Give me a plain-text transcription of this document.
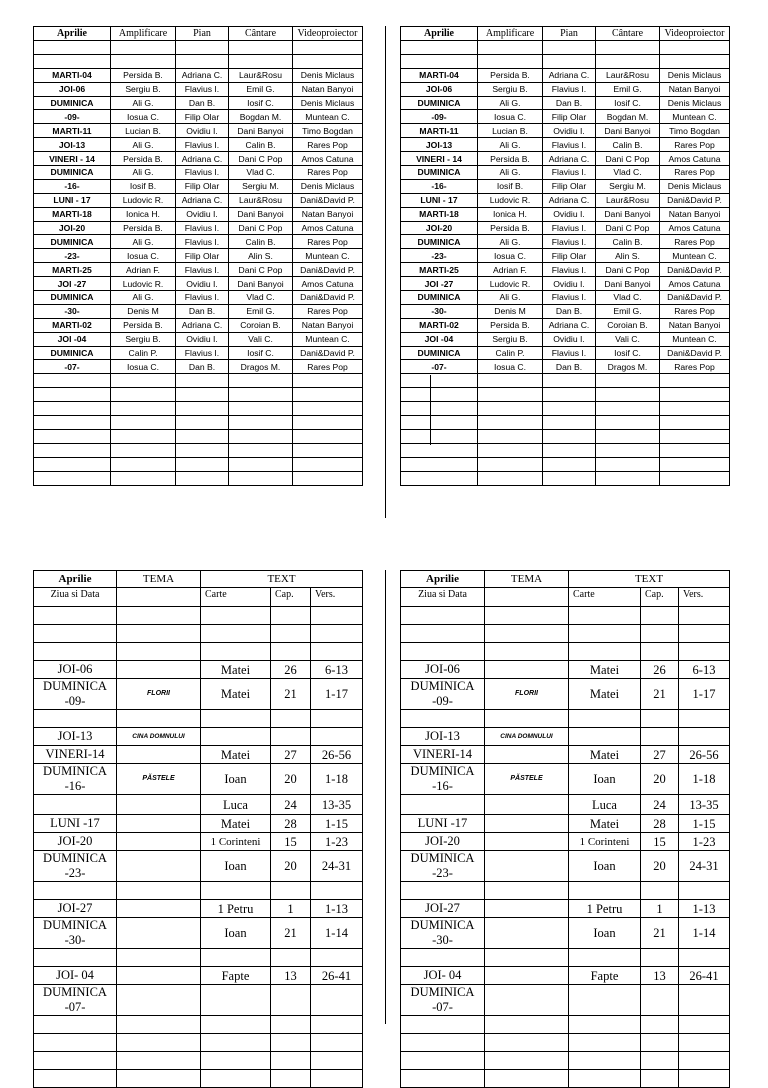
Aprilie	Amplificare	Pian	Cântare	Videoproiector

MARTI-04	Persida B.	Adriana C.	Laur&Rosu	Denis Miclaus
JOI-06	Sergiu B.	Flavius I.	Emil G.	Natan Banyoi
DUMINICA	Ali G.	Dan B.	Iosif C.	Denis Miclaus
-09-	Iosua C.	Filip Olar	Bogdan M.	Muntean C.
MARTI-11	Lucian B.	Ovidiu I.	Dani Banyoi	Timo Bogdan
JOI-13	Ali G.	Flavius I.	Calin B.	Rares Pop
VINERI - 14	Persida B.	Adriana C.	Dani C Pop	Amos Catuna
DUMINICA	Ali G.	Flavius I.	Vlad C.	Rares Pop
-16-	Iosif B.	Filip Olar	Sergiu M.	Denis Miclaus
LUNI - 17	Ludovic R.	Adriana C.	Laur&Rosu	Dani&David P.
MARTI-18	Ionica H.	Ovidiu I.	Dani Banyoi	Natan Banyoi
JOI-20	Persida B.	Flavius I.	Dani C Pop	Amos Catuna
DUMINICA	Ali G.	Flavius I.	Calin B.	Rares Pop
-23-	Iosua C.	Filip Olar	Alin S.	Muntean C.
MARTI-25	Adrian F.	Flavius I.	Dani C Pop	Dani&David P.
JOI -27	Ludovic R.	Ovidiu I.	Dani Banyoi	Amos Catuna
DUMINICA	Ali G.	Flavius I.	Vlad C.	Dani&David P.
-30-	Denis M	Dan B.	Emil G.	Rares Pop
MARTI-02	Persida B.	Adriana C.	Coroian B.	Natan Banyoi
JOI -04	Sergiu B.	Ovidiu I.	Vali C.	Muntean C.
DUMINICA	Calin P.	Flavius I.	Iosif C.	Dani&David P.
-07-	Iosua C.	Dan B.	Dragos M.	Rares Pop

Aprilie	Amplificare	Pian	Cântare	Videoproiector

MARTI-04	Persida B.	Adriana C.	Laur&Rosu	Denis Miclaus
JOI-06	Sergiu B.	Flavius I.	Emil G.	Natan Banyoi
DUMINICA	Ali G.	Dan B.	Iosif C.	Denis Miclaus
-09-	Iosua C.	Filip Olar	Bogdan M.	Muntean C.
MARTI-11	Lucian B.	Ovidiu I.	Dani Banyoi	Timo Bogdan
JOI-13	Ali G.	Flavius I.	Calin B.	Rares Pop
VINERI - 14	Persida B.	Adriana C.	Dani C Pop	Amos Catuna
DUMINICA	Ali G.	Flavius I.	Vlad C.	Rares Pop
-16-	Iosif B.	Filip Olar	Sergiu M.	Denis Miclaus
LUNI - 17	Ludovic R.	Adriana C.	Laur&Rosu	Dani&David P.
MARTI-18	Ionica H.	Ovidiu I.	Dani Banyoi	Natan Banyoi
JOI-20	Persida B.	Flavius I.	Dani C Pop	Amos Catuna
DUMINICA	Ali G.	Flavius I.	Calin B.	Rares Pop
-23-	Iosua C.	Filip Olar	Alin S.	Muntean C.
MARTI-25	Adrian F.	Flavius I.	Dani C Pop	Dani&David P.
JOI -27	Ludovic R.	Ovidiu I.	Dani Banyoi	Amos Catuna
DUMINICA	Ali G.	Flavius I.	Vlad C.	Dani&David P.
-30-	Denis M	Dan B.	Emil G.	Rares Pop
MARTI-02	Persida B.	Adriana C.	Coroian B.	Natan Banyoi
JOI -04	Sergiu B.	Ovidiu I.	Vali C.	Muntean C.
DUMINICA	Calin P.	Flavius I.	Iosif C.	Dani&David P.
-07-	Iosua C.	Dan B.	Dragos M.	Rares Pop

Aprilie	TEMA	TEXT		
Ziua si Data		Carte	Cap.	Vers.

JOI-06		Matei	26	6-13
DUMINICA
-09-	FLORII	Matei	21	1-17

JOI-13	CINA DOMNULUI			
VINERI-14		Matei	27	26-56
DUMINICA
-16-	PĂSTELE	Ioan	20	1-18
		Luca	24	13-35
LUNI -17		Matei	28	1-15
JOI-20		1 Corinteni	15	1-23
DUMINICA
-23-		Ioan	20	24-31

JOI-27		1 Petru	1	1-13
DUMINICA
-30-		Ioan	21	1-14

JOI- 04		Fapte	13	26-41
DUMINICA
-07-				

Aprilie	TEMA	TEXT		
Ziua si Data		Carte	Cap.	Vers.

JOI-06		Matei	26	6-13
DUMINICA
-09-	FLORII	Matei	21	1-17

JOI-13	CINA DOMNULUI			
VINERI-14		Matei	27	26-56
DUMINICA
-16-	PĂSTELE	Ioan	20	1-18
		Luca	24	13-35
LUNI -17		Matei	28	1-15
JOI-20		1 Corinteni	15	1-23
DUMINICA
-23-		Ioan	20	24-31

JOI-27		1 Petru	1	1-13
DUMINICA
-30-		Ioan	21	1-14

JOI- 04		Fapte	13	26-41
DUMINICA
-07-				
